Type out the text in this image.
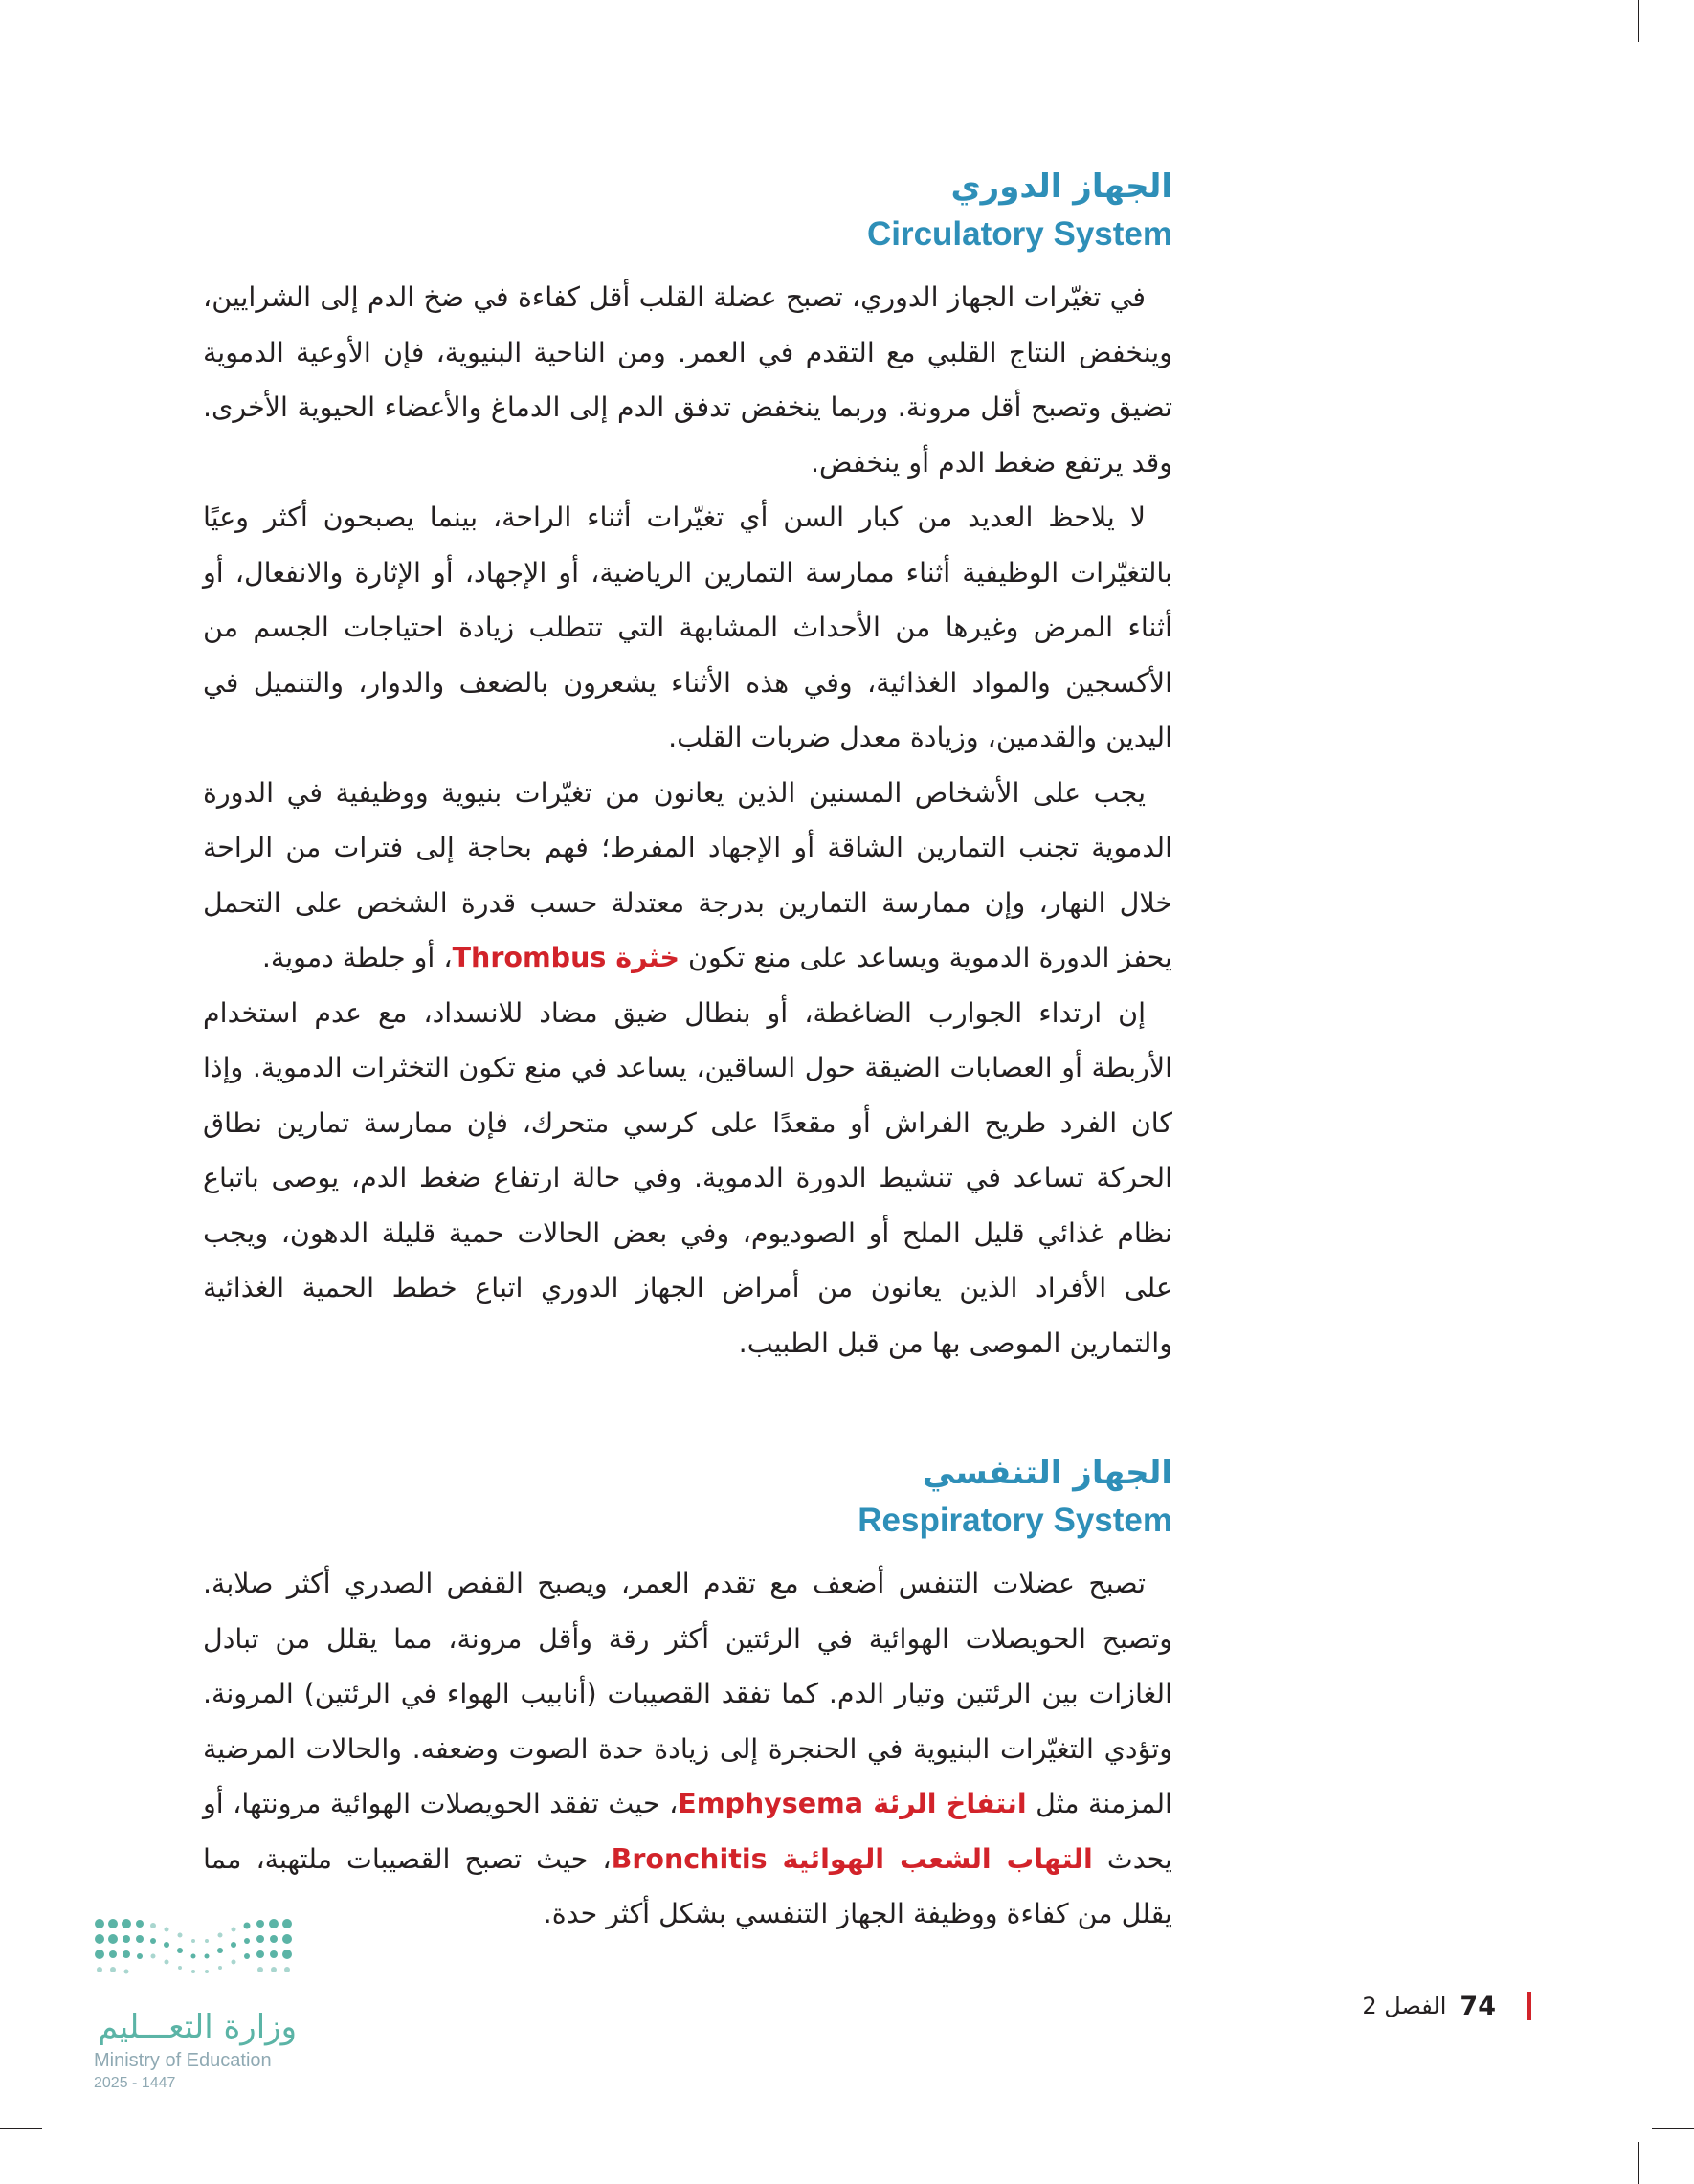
الجهاز الدوري
Circulatory System

في تغيّرات الجهاز الدوري، تصبح عضلة القلب أقل كفاءة في ضخ الدم إلى الشرايين، وينخفض النتاج القلبي مع التقدم في العمر. ومن الناحية البنيوية، فإن الأوعية الدموية تضيق وتصبح أقل مرونة. وربما ينخفض تدفق الدم إلى الدماغ والأعضاء الحيوية الأخرى. وقد يرتفع ضغط الدم أو ينخفض.

لا يلاحظ العديد من كبار السن أي تغيّرات أثناء الراحة، بينما يصبحون أكثر وعيًا بالتغيّرات الوظيفية أثناء ممارسة التمارين الرياضية، أو الإجهاد، أو الإثارة والانفعال، أو أثناء المرض وغيرها من الأحداث المشابهة التي تتطلب زيادة احتياجات الجسم من الأكسجين والمواد الغذائية، وفي هذه الأثناء يشعرون بالضعف والدوار، والتنميل في اليدين والقدمين، وزيادة معدل ضربات القلب.

يجب على الأشخاص المسنين الذين يعانون من تغيّرات بنيوية ووظيفية في الدورة الدموية تجنب التمارين الشاقة أو الإجهاد المفرط؛ فهم بحاجة إلى فترات من الراحة خلال النهار، وإن ممارسة التمارين بدرجة معتدلة حسب قدرة الشخص على التحمل يحفز الدورة الدموية ويساعد على منع تكون خثرة Thrombus، أو جلطة دموية.

إن ارتداء الجوارب الضاغطة، أو بنطال ضيق مضاد للانسداد، مع عدم استخدام الأربطة أو العصابات الضيقة حول الساقين، يساعد في منع تكون التخثرات الدموية. وإذا كان الفرد طريح الفراش أو مقعدًا على كرسي متحرك، فإن ممارسة تمارين نطاق الحركة تساعد في تنشيط الدورة الدموية. وفي حالة ارتفاع ضغط الدم، يوصى باتباع نظام غذائي قليل الملح أو الصوديوم، وفي بعض الحالات حمية قليلة الدهون، ويجب على الأفراد الذين يعانون من أمراض الجهاز الدوري اتباع خطط الحمية الغذائية والتمارين الموصى بها من قبل الطبيب.

الجهاز التنفسي
Respiratory System

تصبح عضلات التنفس أضعف مع تقدم العمر، ويصبح القفص الصدري أكثر صلابة. وتصبح الحويصلات الهوائية في الرئتين أكثر رقة وأقل مرونة، مما يقلل من تبادل الغازات بين الرئتين وتيار الدم. كما تفقد القصيبات (أنابيب الهواء في الرئتين) المرونة. وتؤدي التغيّرات البنيوية في الحنجرة إلى زيادة حدة الصوت وضعفه. والحالات المرضية المزمنة مثل انتفاخ الرئة Emphysema، حيث تفقد الحويصلات الهوائية مرونتها، أو يحدث التهاب الشعب الهوائية Bronchitis، حيث تصبح القصيبات ملتهبة، مما يقلل من كفاءة ووظيفة الجهاز التنفسي بشكل أكثر حدة.

الفصل 2 74
وزارة التعـــليم
Ministry of Education
2025 - 1447
